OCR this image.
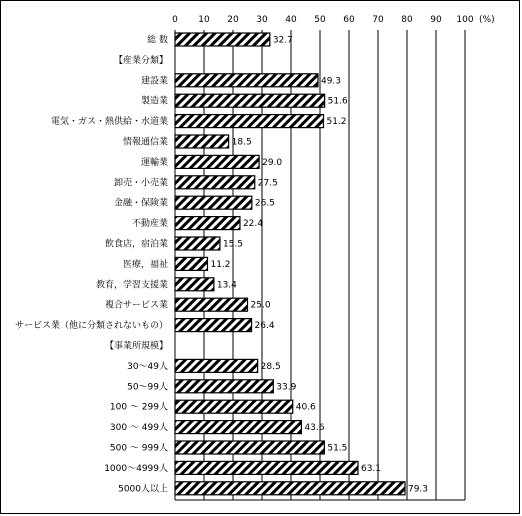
0 10 20 30 40 50 60 70 80 90 100 (%)
総 数
【産業分類】
建設業
製造業
電気・ガス・熱供給・水道業
情報通信業
運輸業
卸売・小売業
金融・保険業
不動産業
飲食店，宿泊業
医療，福祉
教育，学習支援業
複合サービス業
サービス業（他に分類されないもの）
【事業所規模】
30～49人
50～99人
100 ～ 299人
300 ～ 499人
500 ～ 999人
1000～4999人
5000人以上
32.7
49.3
51.6
51.2
18.5
29.0
27.5
26.5
22.4
15.5
11.2
13.4
25.0
26.4
28.5
33.9
40.6
43.6
51.5
63.1
79.3
